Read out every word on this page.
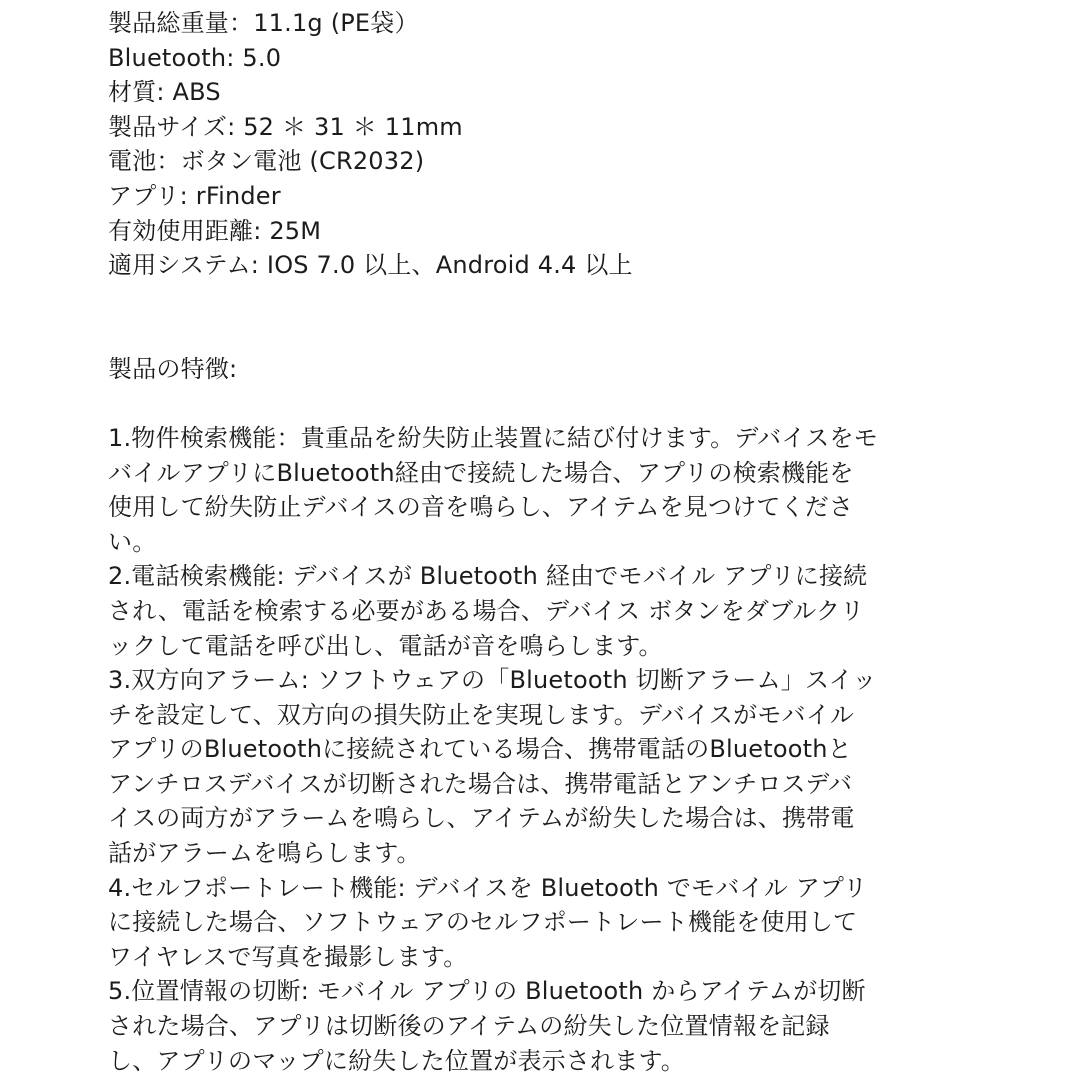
製品総重量：11.1g (PE袋）
Bluetooth: 5.0
材質: ABS
製品サイズ: 52 ＊ 31 ＊ 11mm
電池：ボタン電池 (CR2032)
アプリ: rFinder
有効使用距離: 25M
適用システム: IOS 7.0 以上、Android 4.4 以上
製品の特徴:
1.物件検索機能：貴重品を紛失防止装置に結び付けます。デバイスをモ
バイルアプリにBluetooth経由で接続した場合、アプリの検索機能を
使用して紛失防止デバイスの音を鳴らし、アイテムを見つけてくださ
い。
2.電話検索機能: デバイスが Bluetooth 経由でモバイル アプリに接続
され、電話を検索する必要がある場合、デバイス ボタンをダブルクリ
ックして電話を呼び出し、電話が音を鳴らします。
3.双方向アラーム: ソフトウェアの「Bluetooth 切断アラーム」スイッ
チを設定して、双方向の損失防止を実現します。デバイスがモバイル
アプリのBluetoothに接続されている場合、携帯電話のBluetoothと
アンチロスデバイスが切断された場合は、携帯電話とアンチロスデバ
イスの両方がアラームを鳴らし、アイテムが紛失した場合は、携帯電
話がアラームを鳴らします。
4.セルフポートレート機能: デバイスを Bluetooth でモバイル アプリ
に接続した場合、ソフトウェアのセルフポートレート機能を使用して
ワイヤレスで写真を撮影します。
5.位置情報の切断: モバイル アプリの Bluetooth からアイテムが切断
された場合、アプリは切断後のアイテムの紛失した位置情報を記録
し、アプリのマップに紛失した位置が表示されます。
